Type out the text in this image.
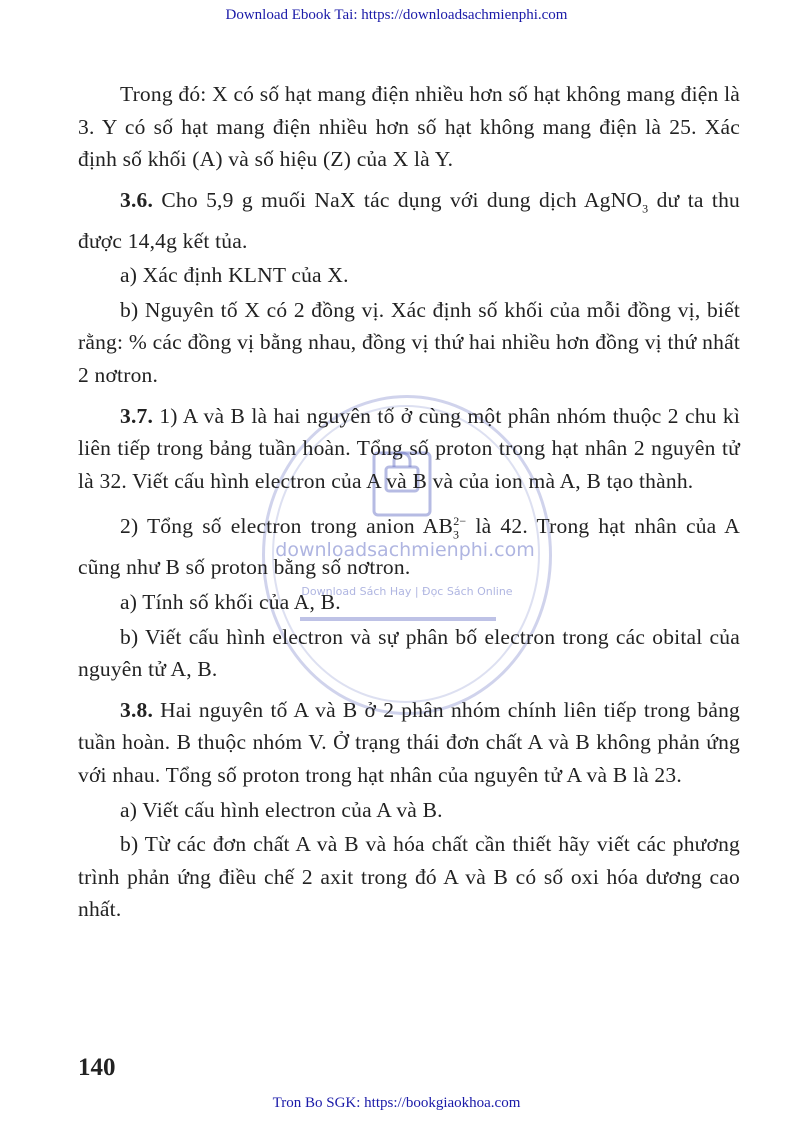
Download Ebook Tai: https://downloadsachmienphi.com
downloadsachmienphi.com
Download Sách Hay | Đọc Sách Online

Trong đó: X có số hạt mang điện nhiều hơn số hạt không mang điện là 3. Y có số hạt mang điện nhiều hơn số hạt không mang điện là 25. Xác định số khối (A) và số hiệu (Z) của X là Y.

3.6. Cho 5,9 g muối NaX tác dụng với dung dịch AgNO$_3$ dư ta thu được 14,4g kết tủa.

a) Xác định KLNT của X.

b) Nguyên tố X có 2 đồng vị. Xác định số khối của mỗi đồng vị, biết rằng: % các đồng vị bằng nhau, đồng vị thứ hai nhiều hơn đồng vị thứ nhất 2 nơtron.

3.7. 1) A và B là hai nguyên tố ở cùng một phân nhóm thuộc 2 chu kì liên tiếp trong bảng tuần hoàn. Tổng số proton trong hạt nhân 2 nguyên tử là 32. Viết cấu hình electron của A và B và của ion mà A, B tạo thành.

2) Tổng số electron trong anion $AB_3^{2-}$ là 42. Trong hạt nhân của A cũng như B số proton bằng số nơtron.

a) Tính số khối của A, B.

b) Viết cấu hình electron và sự phân bố electron trong các obital của nguyên tử A, B.

3.8. Hai nguyên tố A và B ở 2 phân nhóm chính liên tiếp trong bảng tuần hoàn. B thuộc nhóm V. Ở trạng thái đơn chất A và B không phản ứng với nhau. Tổng số proton trong hạt nhân của nguyên tử A và B là 23.

a) Viết cấu hình electron của A và B.

b) Từ các đơn chất A và B và hóa chất cần thiết hãy viết các phương trình phản ứng điều chế 2 axit trong đó A và B có số oxi hóa dương cao nhất.

140
Tron Bo SGK: https://bookgiaokhoa.com
